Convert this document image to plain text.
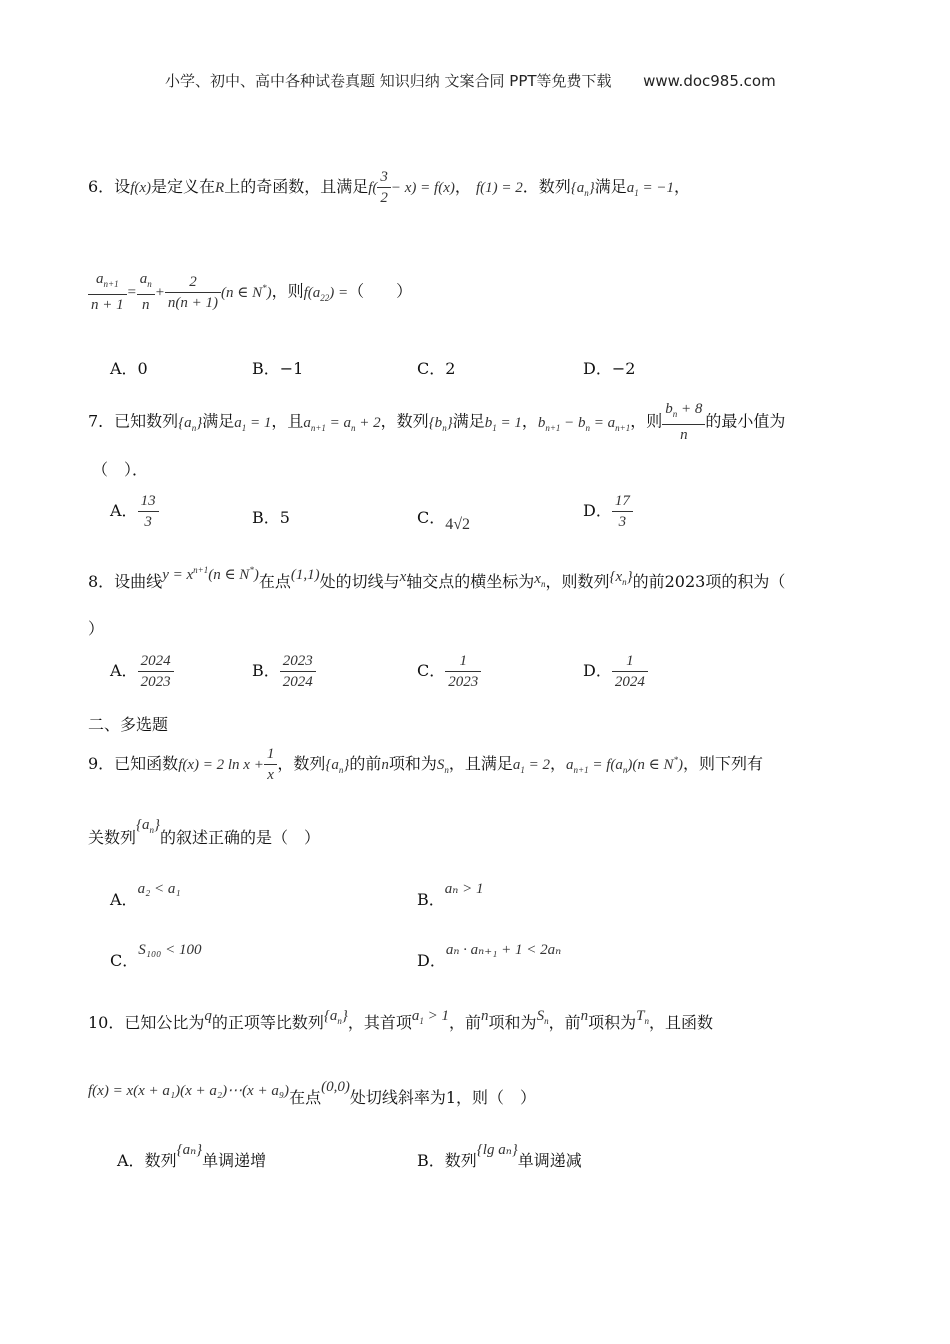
小学、初中、高中各种试卷真题 知识归纳 文案合同 PPT等免费下载 www.doc985.com
6．设f(x)是定义在R上的奇函数，且满足$f( \frac{3}{2} - x) = f(x)$， f(1) = 2．数列$\{a_n\}$满足$a_1 = -1$，
$\frac{a_{n+1}}{n + 1} = \frac{a_n}{n} + \frac{2}{n(n + 1)} (n$ ∈ N*)，则$f(a_{22})$ =（　　）
A．0	B．−1	C．2	D．−2
7．已知数列$\{a_n\}$满足$a_1 = 1$，且$a_{n+1} = a_n + 2$，数列$\{b_n\}$满足$b_1 = 1$，$b_{n+1} - b_n = a_{n+1}$，则 $\frac{b_n + 8}{n}$ 的最小值为
（　）．
A． $\frac{13}{3}$	B．5	C．4√2
D． $\frac{17}{3}$
8．设曲线$y = x^{n+1}(n$ ∈ N*)在点(1,1)处的切线与x轴交点的横坐标为$x_n$，则数列$\{x_n\}$的前2023项的积为（
）
A． $\frac{2024}{2023}$	B． $\frac{2023}{2024}$	C． $\frac{1}{2023}$	D． $\frac{1}{2024}$
二、多选题
9．已知函数f(x) = 2 $\ln x + \frac{1}{x}$ ，数列$\{a_n\}$的前n项和为$S_n$，且满足$a_1 = 2$，$a_{n+1} = f(a_n)(n$ ∈ N*)，则下列有
关数列$\{a_n\}$的叙述正确的是（　）
A．a₂ < a₁
B．aₙ > 1
C．S₁₀₀ < 100
D．aₙ · aₙ₊₁ + 1 < 2aₙ
10．已知公比为q的正项等比数列$\{a_n\}$，其首项$a_1 > 1$，前n项和为$S_n$，前n项积为$T_n$，且函数
f(x) = x(x + a₁)(x + a₂)⋯(x + a₉)在点(0,0)处切线斜率为1，则（　）
A．数列{aₙ}单调递增	B．数列{lg aₙ}单调递减
